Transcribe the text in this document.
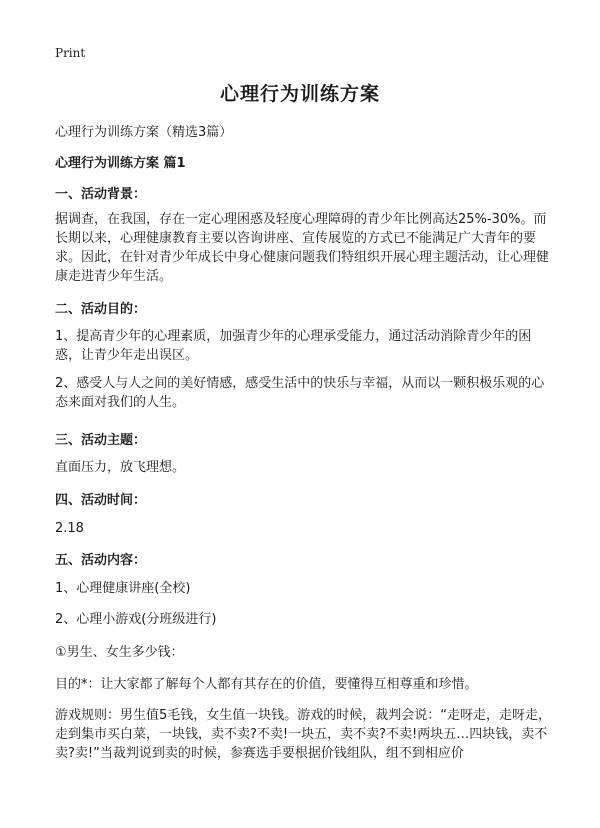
Print
心理行为训练方案
心理行为训练方案（精选3篇）
心理行为训练方案 篇1
一、活动背景：

据调查，在我国，存在一定心理困惑及轻度心理障碍的青少年比例高达25%-30%。而长期以来，心理健康教育主要以咨询讲座、宣传展览的方式已不能满足广大青年的要求。因此，在针对青少年成长中身心健康问题我们特组织开展心理主题活动，让心理健康走进青少年生活。

二、活动目的：

1、提高青少年的心理素质，加强青少年的心理承受能力，通过活动消除青少年的困惑，让青少年走出误区。

2、感受人与人之间的美好情感，感受生活中的快乐与幸福，从而以一颗积极乐观的心态来面对我们的人生。

三、活动主题：

直面压力，放飞理想。

四、活动时间：

2.18

五、活动内容：

1、心理健康讲座(全校)

2、心理小游戏(分班级进行)

①男生、女生多少钱：

目的*：让大家都了解每个人都有其存在的价值，要懂得互相尊重和珍惜。

游戏规则：男生值5毛钱，女生值一块钱。游戏的时候，裁判会说：“走呀走，走呀走，走到集市买白菜，一块钱，卖不卖?不卖!一块五，卖不卖?不卖!两块五…四块钱，卖不卖?卖!”当裁判说到卖的时候，参赛选手要根据价钱组队，组不到相应价
